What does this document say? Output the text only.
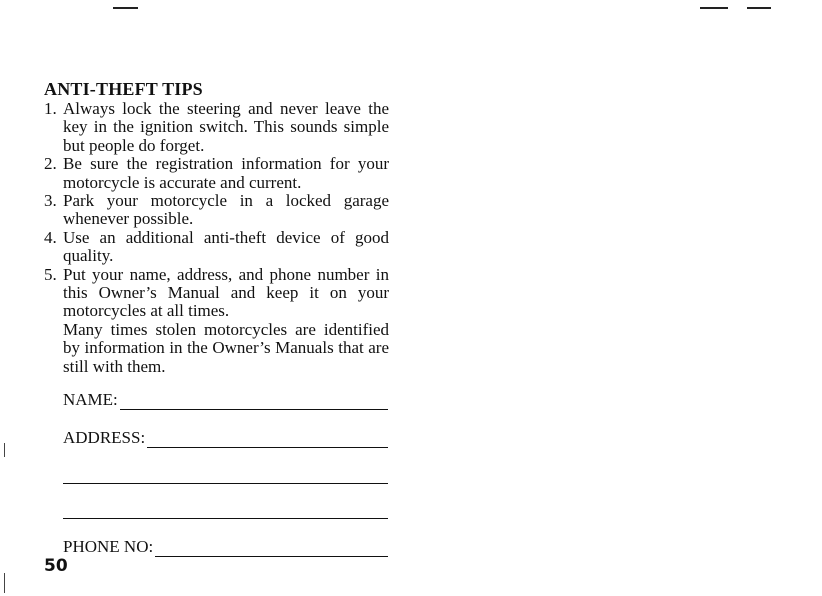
ANTI-THEFT TIPS
1. Always lock the steering and never leave the key in the ignition switch. This sounds simple but people do forget.
2. Be sure the registration information for your motorcycle is accurate and current.
3. Park your motorcycle in a locked garage whenever possible.
4. Use an additional anti-theft device of good quality.
5. Put your name, address, and phone number in this Owner’s Manual and keep it on your motorcycles at all times.

Many times stolen motorcycles are identified by information in the Owner’s Manuals that are still with them.

NAME:
ADDRESS:
PHONE NO:
50
